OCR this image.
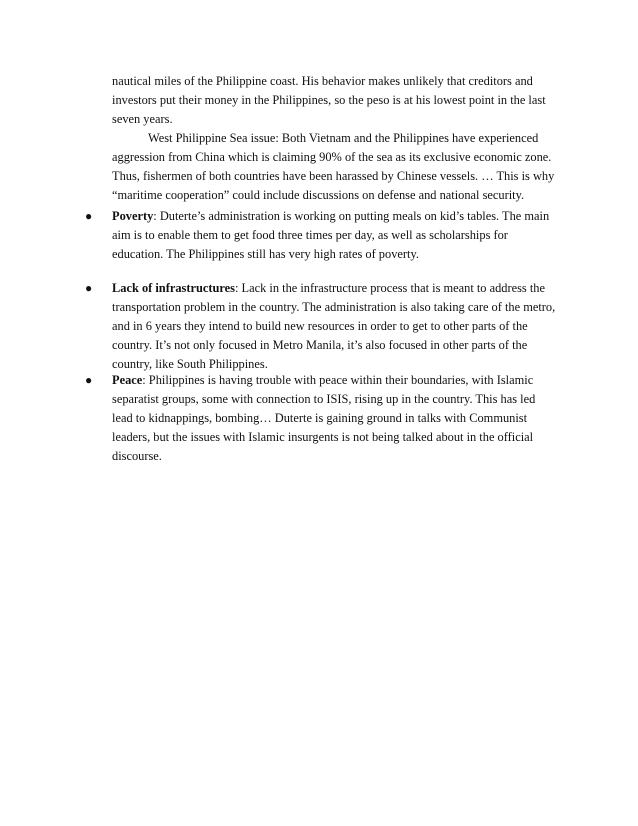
nautical miles of the Philippine coast. His behavior makes unlikely that creditors and
investors put their money in the Philippines, so the peso is at his lowest point in the last
seven years.
West Philippine Sea issue: Both Vietnam and the Philippines have experienced
aggression from China which is claiming 90% of the sea as its exclusive economic zone.
Thus, fishermen of both countries have been harassed by Chinese vessels. … This is why
“maritime cooperation” could include discussions on defense and national security.
● Poverty: Duterte’s administration is working on putting meals on kid’s tables. The main
aim is to enable them to get food three times per day, as well as scholarships for
education. The Philippines still has very high rates of poverty.
● Lack of infrastructures: Lack in the infrastructure process that is meant to address the
transportation problem in the country. The administration is also taking care of the metro,
and in 6 years they intend to build new resources in order to get to other parts of the
country. It’s not only focused in Metro Manila, it’s also focused in other parts of the
country, like South Philippines.
● Peace: Philippines is having trouble with peace within their boundaries, with Islamic
separatist groups, some with connection to ISIS, rising up in the country. This has led
lead to kidnappings, bombing… Duterte is gaining ground in talks with Communist
leaders, but the issues with Islamic insurgents is not being talked about in the official
discourse.
